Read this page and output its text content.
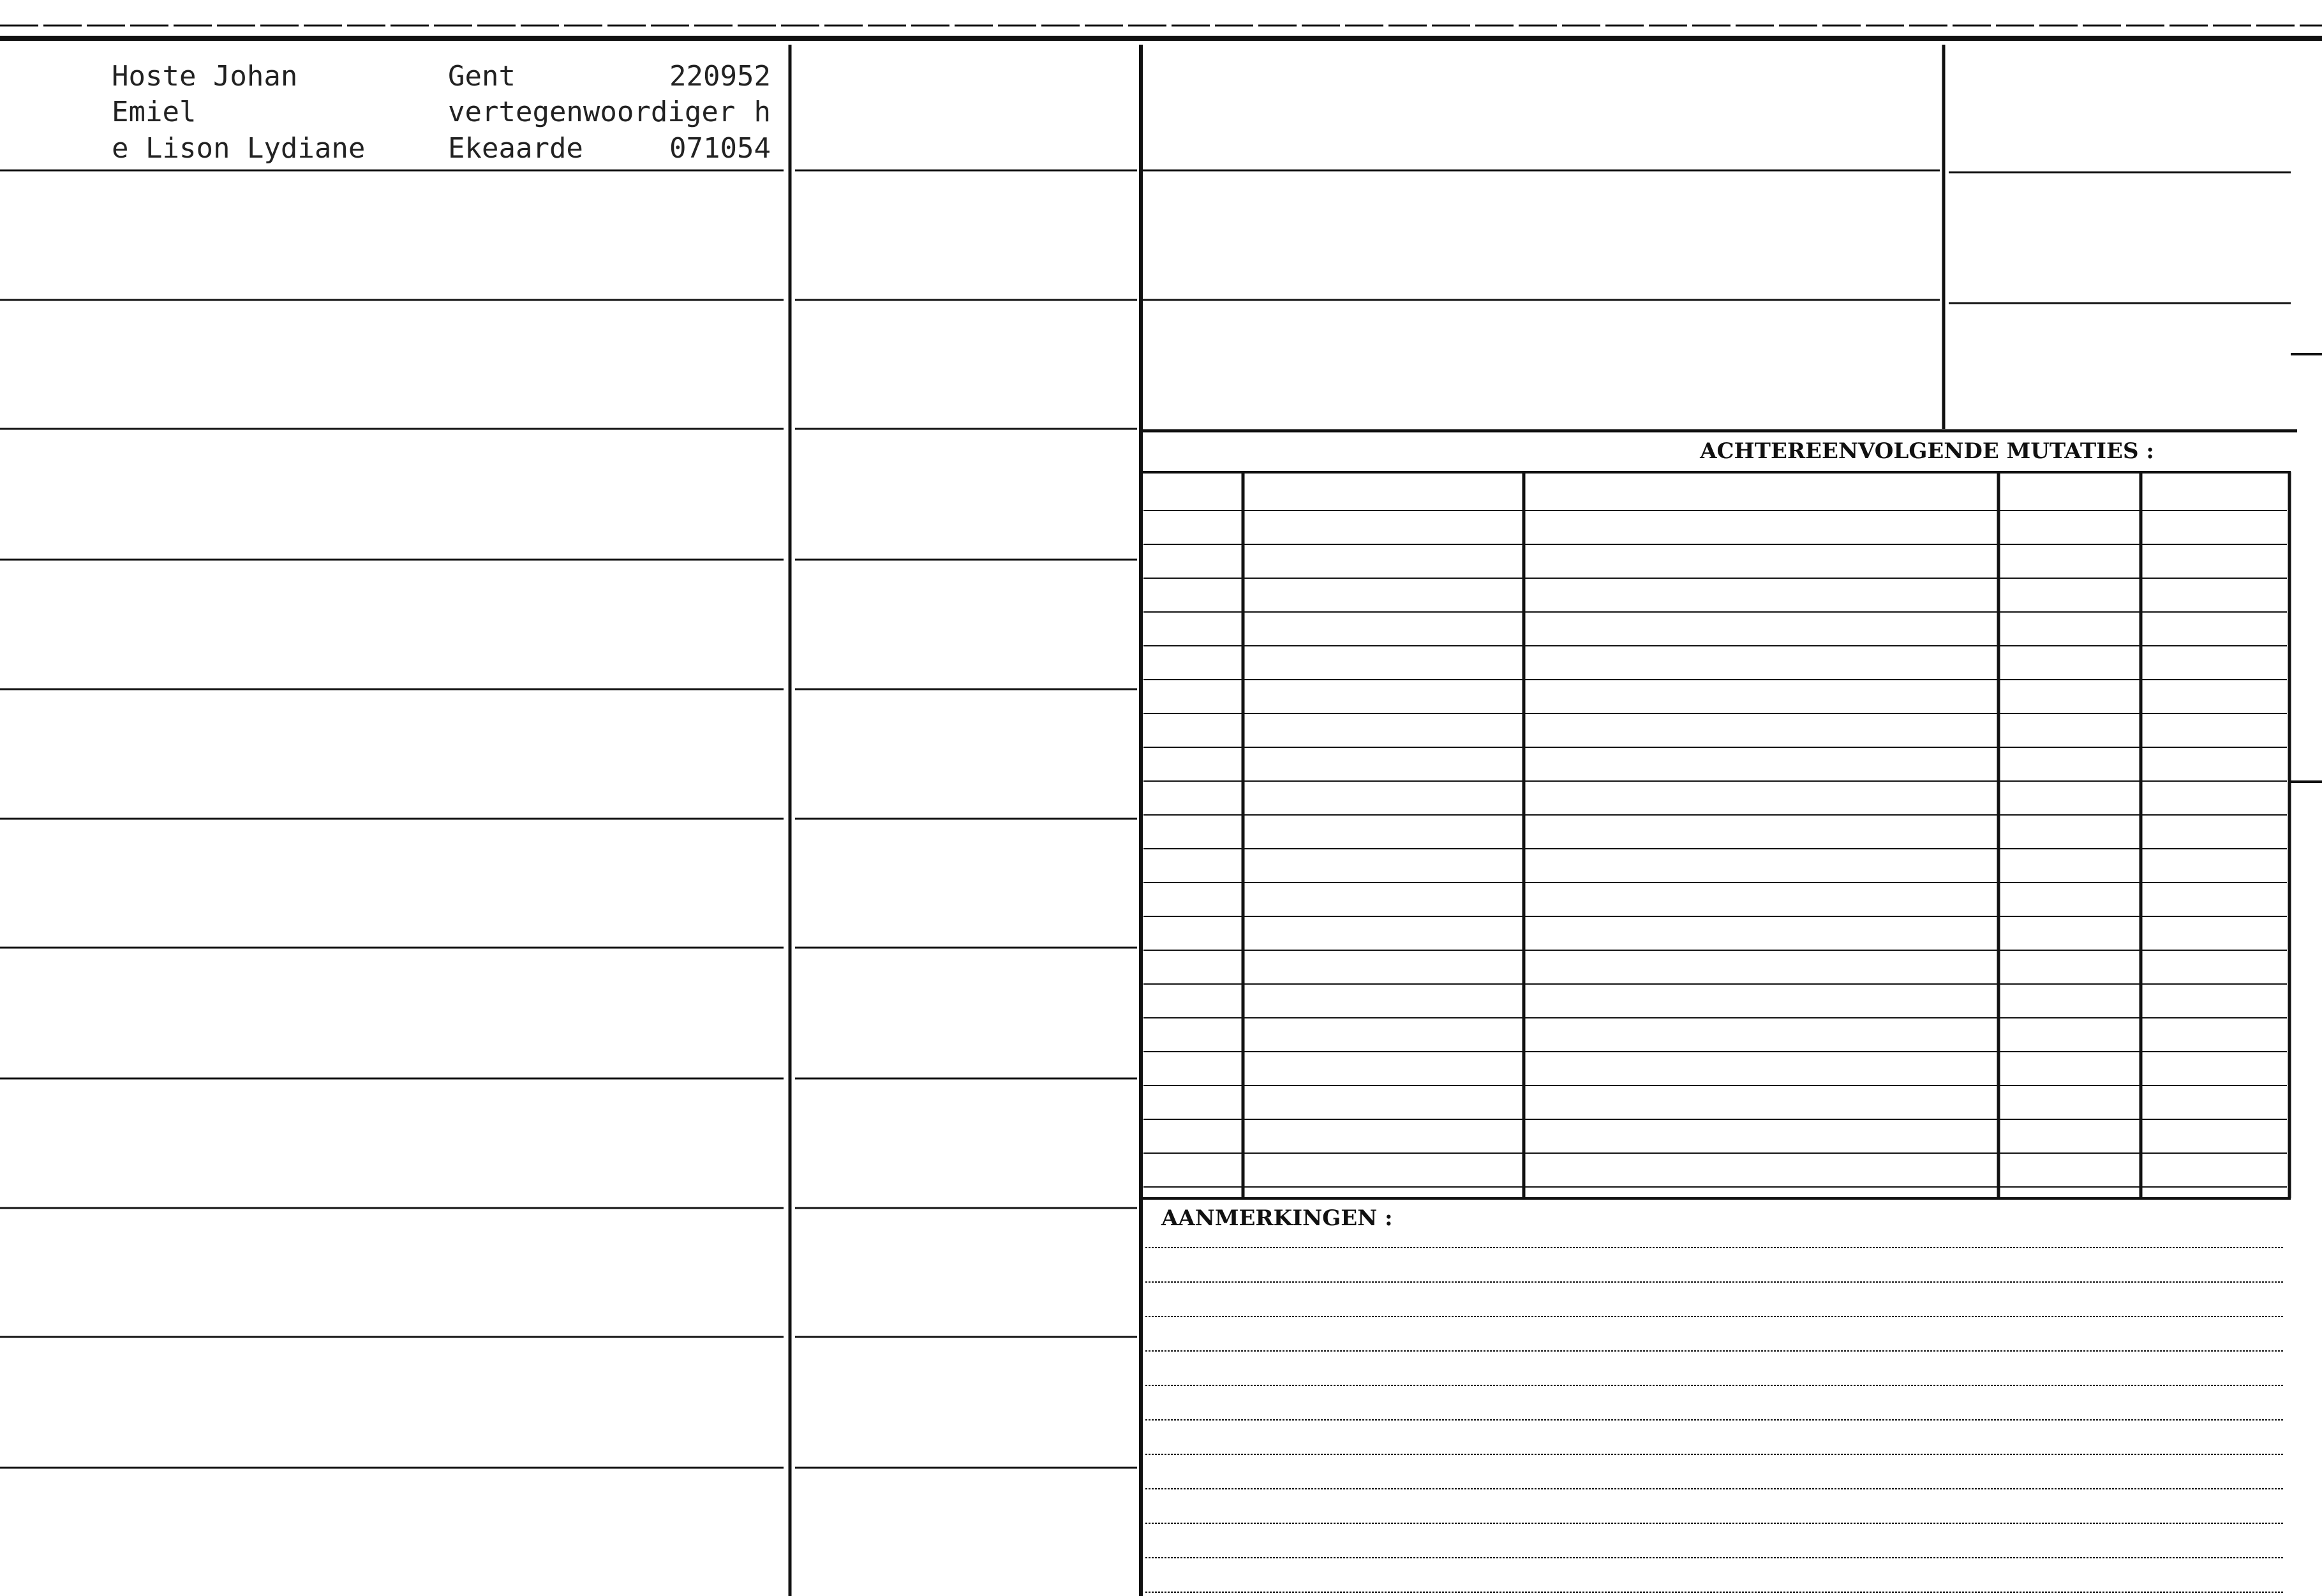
Hoste Johan
Emiel
e Lison Lydiane
Gent
vertegenwoordiger
Ekeaarde
220952
h
071054
ACHTEREENVOLGENDE MUTATIES :
AANMERKINGEN :
